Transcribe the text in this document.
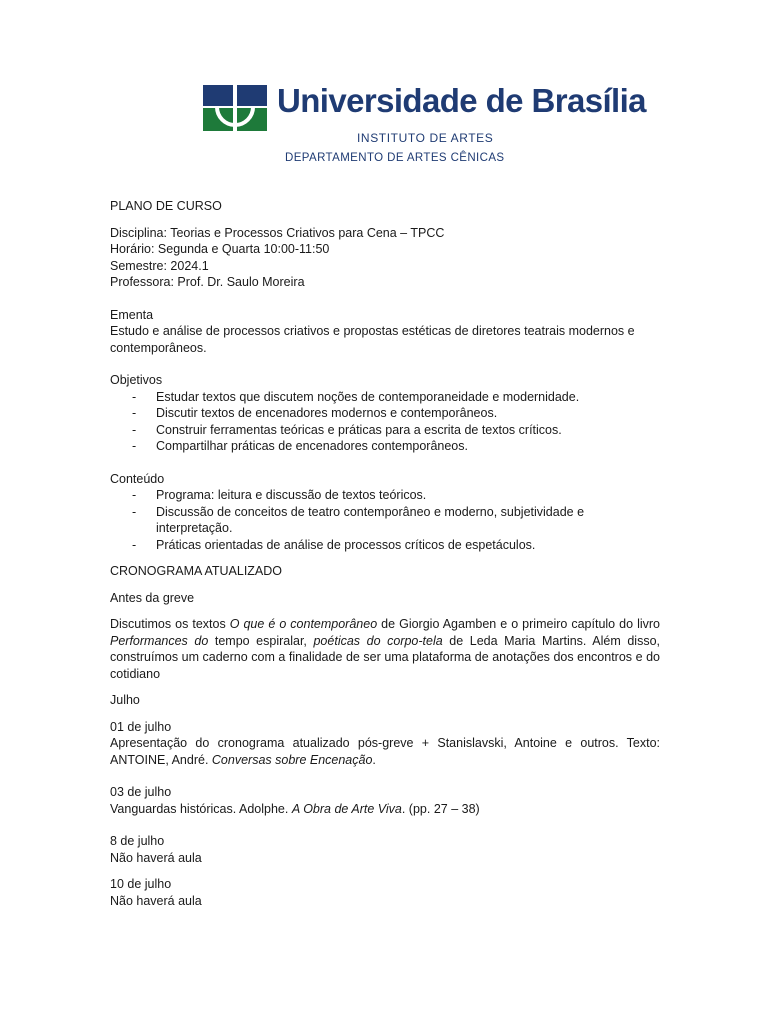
Universidade de Brasília
INSTITUTO DE ARTES
DEPARTAMENTO DE ARTES CÊNICAS

PLANO DE CURSO

Disciplina: Teorias e Processos Criativos para Cena – TPCC

Horário: Segunda e Quarta 10:00-11:50

Semestre: 2024.1

Professora: Prof. Dr. Saulo Moreira

Ementa

Estudo e análise de processos criativos e propostas estéticas de diretores teatrais modernos e contemporâneos.

Objetivos

- Estudar textos que discutem noções de contemporaneidade e modernidade.
- Discutir textos de encenadores modernos e contemporâneos.
- Construir ferramentas teóricas e práticas para a escrita de textos críticos.
- Compartilhar práticas de encenadores contemporâneos.

Conteúdo

- Programa: leitura e discussão de textos teóricos.
- Discussão de conceitos de teatro contemporâneo e moderno, subjetividade e interpretação.
- Práticas orientadas de análise de processos críticos de espetáculos.

CRONOGRAMA ATUALIZADO

Antes da greve

Discutimos os textos O que é o contemporâneo de Giorgio Agamben e o primeiro capítulo do livro Performances do tempo espiralar, poéticas do corpo-tela de Leda Maria Martins. Além disso, construímos um caderno com a finalidade de ser uma plataforma de anotações dos encontros e do cotidiano

Julho

01 de julho

Apresentação do cronograma atualizado pós-greve + Stanislavski, Antoine e outros. Texto: ANTOINE, André. Conversas sobre Encenação.

03 de julho

Vanguardas históricas. Adolphe. A Obra de Arte Viva. (pp. 27 – 38)

8 de julho

Não haverá aula

10 de julho

Não haverá aula
